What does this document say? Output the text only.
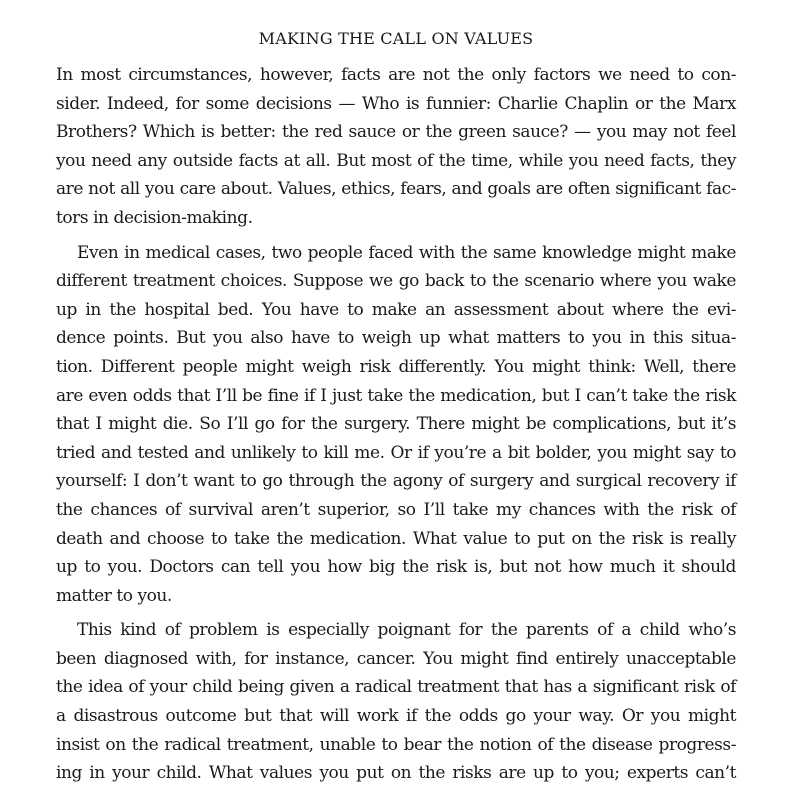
MAKING THE CALL ON VALUES
In most circumstances, however, facts are not the only factors we need to con-
sider. Indeed, for some decisions — Who is funnier: Charlie Chaplin or the Marx
Brothers? Which is better: the red sauce or the green sauce? — you may not feel
you need any outside facts at all. But most of the time, while you need facts, they
are not all you care about. Values, ethics, fears, and goals are often significant fac-
tors in decision-making.
Even in medical cases, two people faced with the same knowledge might make
different treatment choices. Suppose we go back to the scenario where you wake
up in the hospital bed. You have to make an assessment about where the evi-
dence points. But you also have to weigh up what matters to you in this situa-
tion. Different people might weigh risk differently. You might think: Well, there
are even odds that I’ll be fine if I just take the medication, but I can’t take the risk
that I might die. So I’ll go for the surgery. There might be complications, but it’s
tried and tested and unlikely to kill me. Or if you’re a bit bolder, you might say to
yourself: I don’t want to go through the agony of surgery and surgical recovery if
the chances of survival aren’t superior, so I’ll take my chances with the risk of
death and choose to take the medication. What value to put on the risk is really
up to you. Doctors can tell you how big the risk is, but not how much it should
matter to you.
This kind of problem is especially poignant for the parents of a child who’s
been diagnosed with, for instance, cancer. You might find entirely unacceptable
the idea of your child being given a radical treatment that has a significant risk of
a disastrous outcome but that will work if the odds go your way. Or you might
insist on the radical treatment, unable to bear the notion of the disease progress-
ing in your child. What values you put on the risks are up to you; experts can’t
